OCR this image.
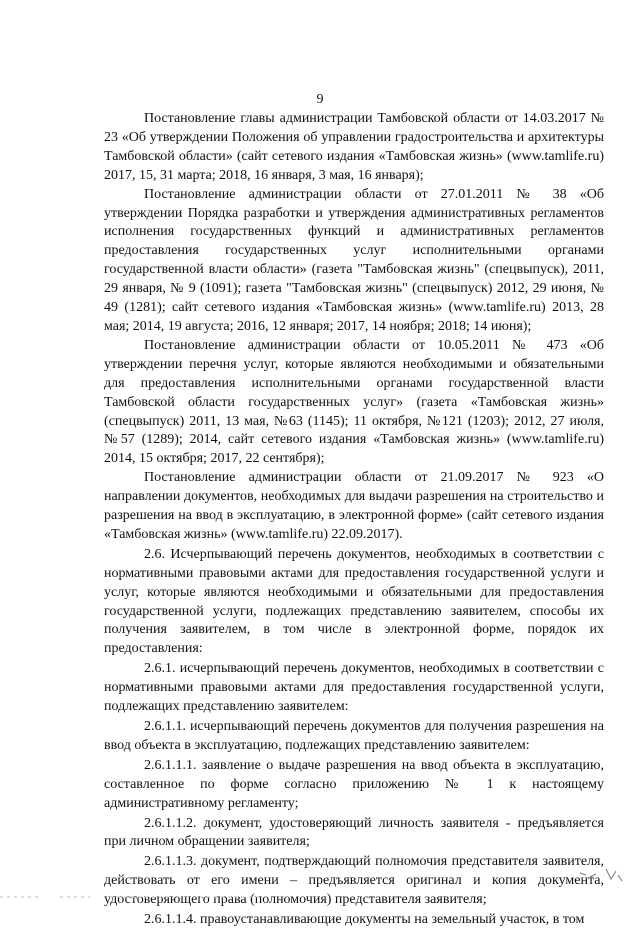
9

Постановление главы администрации Тамбовской области от 14.03.2017 № 23 «Об утверждении Положения об управлении градостроительства и архитектуры Тамбовской области» (сайт сетевого издания «Тамбовская жизнь» (www.tamlife.ru) 2017, 15, 31 марта; 2018, 16 января, 3 мая, 16 января);

Постановление администрации области от 27.01.2011 № 38 «Об утверждении Порядка разработки и утверждения административных регламентов исполнения государственных функций и административных регламентов предоставления государственных услуг исполнительными органами государственной власти области» (газета "Тамбовская жизнь" (спецвыпуск), 2011, 29 января, № 9 (1091); газета "Тамбовская жизнь" (спецвыпуск) 2012, 29 июня, № 49 (1281); сайт сетевого издания «Тамбовская жизнь» (www.tamlife.ru) 2013, 28 мая; 2014, 19 августа; 2016, 12 января; 2017, 14 ноября; 2018; 14 июня);

Постановление администрации области от 10.05.2011 № 473 «Об утверждении перечня услуг, которые являются необходимыми и обязательными для предоставления исполнительными органами государственной власти Тамбовской области государственных услуг» (газета «Тамбовская жизнь» (спецвыпуск) 2011, 13 мая, №63 (1145); 11 октября, №121 (1203); 2012, 27 июля, №57 (1289); 2014, сайт сетевого издания «Тамбовская жизнь» (www.tamlife.ru) 2014, 15 октября; 2017, 22 сентября);

Постановление администрации области от 21.09.2017 № 923 «О направлении документов, необходимых для выдачи разрешения на строительство и разрешения на ввод в эксплуатацию, в электронной форме» (сайт сетевого издания «Тамбовская жизнь» (www.tamlife.ru) 22.09.2017).

2.6. Исчерпывающий перечень документов, необходимых в соответствии с нормативными правовыми актами для предоставления государственной услуги и услуг, которые являются необходимыми и обязательными для предоставления государственной услуги, подлежащих представлению заявителем, способы их получения заявителем, в том числе в электронной форме, порядок их предоставления:

2.6.1. исчерпывающий перечень документов, необходимых в соответствии с нормативными правовыми актами для предоставления государственной услуги, подлежащих представлению заявителем:

2.6.1.1. исчерпывающий перечень документов для получения разрешения на ввод объекта в эксплуатацию, подлежащих представлению заявителем:

2.6.1.1.1. заявление о выдаче разрешения на ввод объекта в эксплуатацию, составленное по форме согласно приложению № 1 к настоящему административному регламенту;

2.6.1.1.2. документ, удостоверяющий личность заявителя - предъявляется при личном обращении заявителя;

2.6.1.1.3. документ, подтверждающий полномочия представителя заявителя, действовать от его имени – предъявляется оригинал и копия документа, удостоверяющего права (полномочия) представителя заявителя;

2.6.1.1.4. правоустанавливающие документы на земельный участок, в том
